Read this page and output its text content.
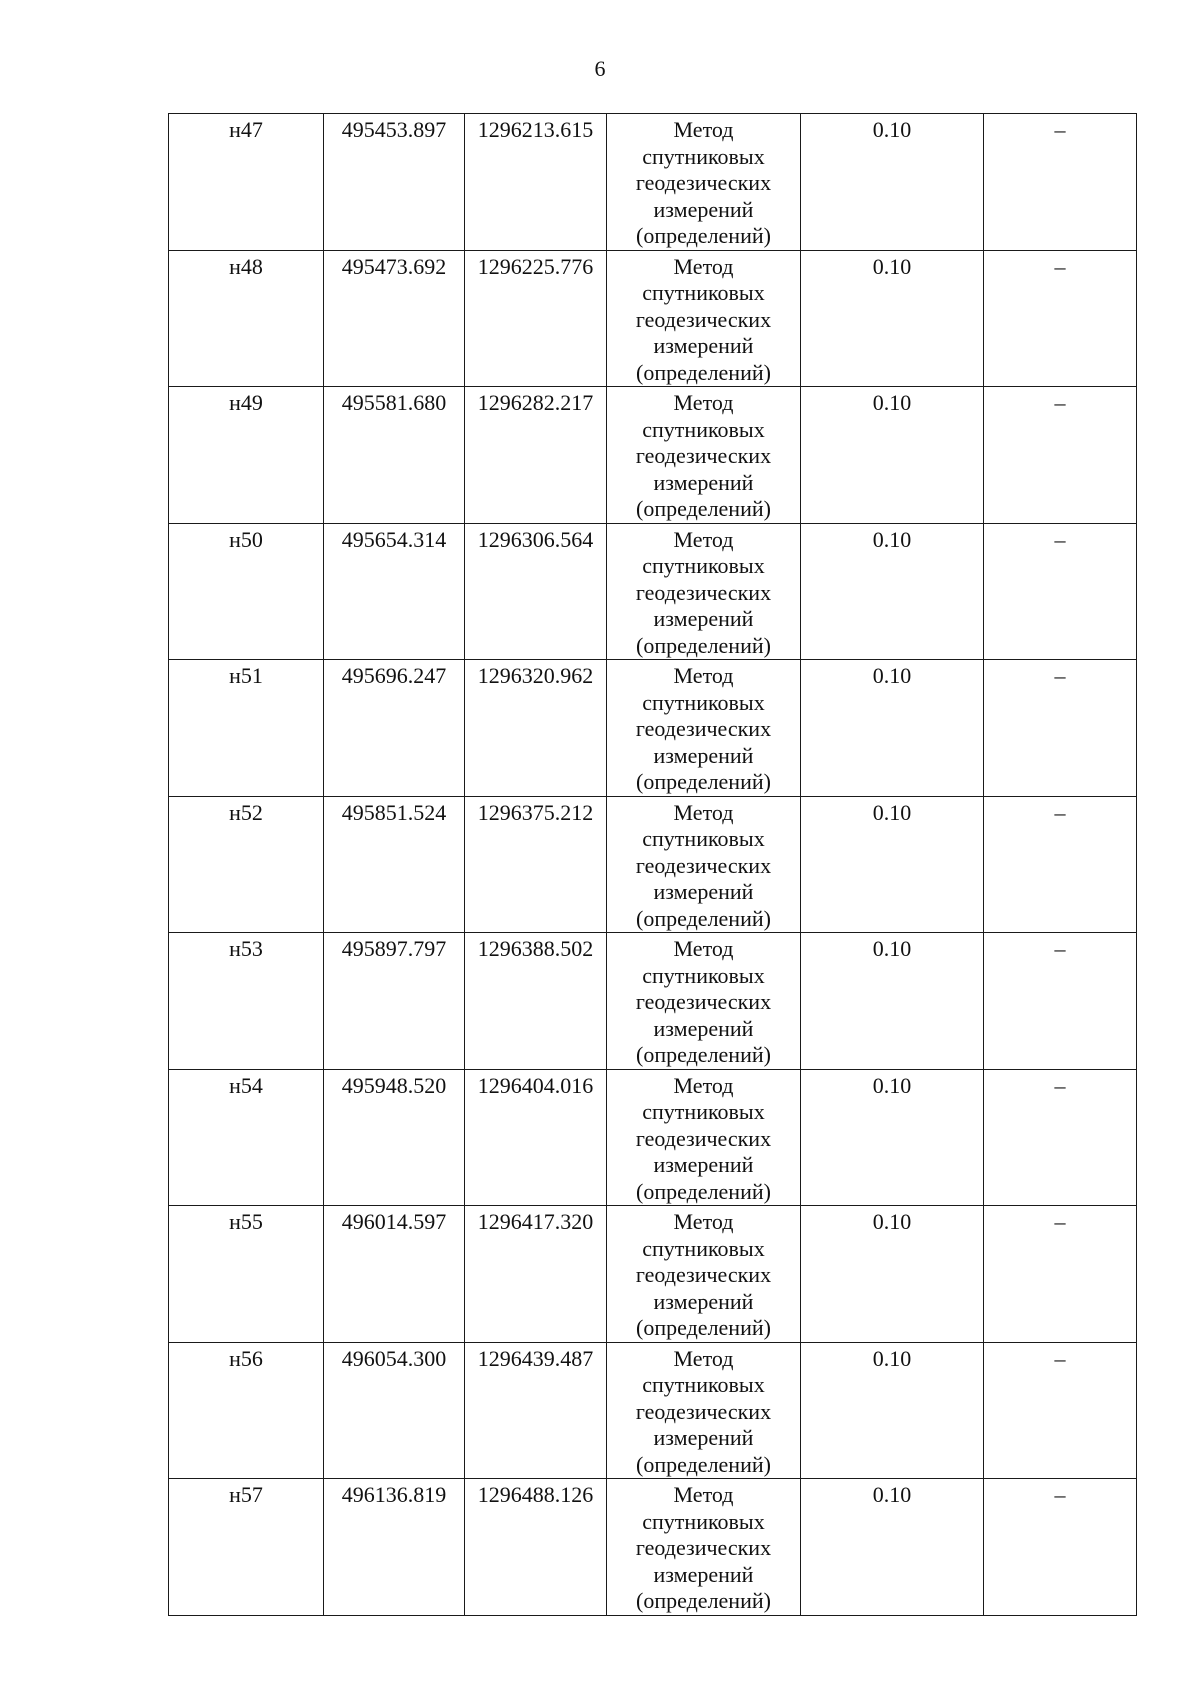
6
н47	495453.897	1296213.615	Метод спутниковых геодезических измерений (определений)	0.10	–
н48	495473.692	1296225.776	Метод спутниковых геодезических измерений (определений)	0.10	–
н49	495581.680	1296282.217	Метод спутниковых геодезических измерений (определений)	0.10	–
н50	495654.314	1296306.564	Метод спутниковых геодезических измерений (определений)	0.10	–
н51	495696.247	1296320.962	Метод спутниковых геодезических измерений (определений)	0.10	–
н52	495851.524	1296375.212	Метод спутниковых геодезических измерений (определений)	0.10	–
н53	495897.797	1296388.502	Метод спутниковых геодезических измерений (определений)	0.10	–
н54	495948.520	1296404.016	Метод спутниковых геодезических измерений (определений)	0.10	–
н55	496014.597	1296417.320	Метод спутниковых геодезических измерений (определений)	0.10	–
н56	496054.300	1296439.487	Метод спутниковых геодезических измерений (определений)	0.10	–
н57	496136.819	1296488.126	Метод спутниковых геодезических измерений (определений)	0.10	–
